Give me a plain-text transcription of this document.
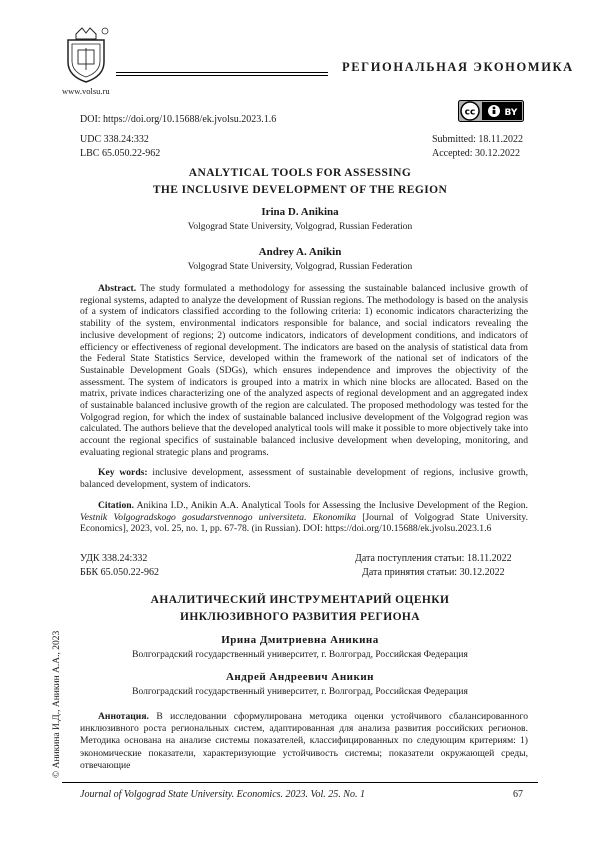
www.volsu.ru
РЕГИОНАЛЬНАЯ ЭКОНОМИКА
DOI: https://doi.org/10.15688/ek.jvolsu.2023.1.6
cc	BY
UDC 338.24:332
LBC 65.050.22-962
Submitted: 18.11.2022
Accepted: 30.12.2022
ANALYTICAL TOOLS FOR ASSESSING
THE INCLUSIVE DEVELOPMENT OF THE REGION
Irina D. Anikina
Volgograd State University, Volgograd, Russian Federation
Andrey A. Anikin
Volgograd State University, Volgograd, Russian Federation
Abstract. The study formulated a methodology for assessing the sustainable balanced inclusive growth of regional systems, adapted to analyze the development of Russian regions. The methodology is based on the analysis of a system of indicators classified according to the following criteria: 1) economic indicators characterizing the stability of the system, environmental indicators responsible for balance, and social indicators revealing the inclusive development of regions; 2) outcome indicators, indicators of development conditions, and indicators of efficiency or effectiveness of regional development. The indicators are based on the analysis of statistical data from the Federal State Statistics Service, developed within the framework of the national set of indicators of the Sustainable Development Goals (SDGs), which ensures independence and improves the objectivity of the assessment. The system of indicators is grouped into a matrix in which nine blocks are allocated. Based on the matrix, private indices characterizing one of the analyzed aspects of regional development and an aggregated index of sustainable balanced inclusive growth of the region are calculated. The proposed methodology was tested for the Volgograd region, for which the index of sustainable balanced inclusive development of the Volgograd region was calculated. The authors believe that the developed analytical tools will make it possible to more objectively take into account the regional specifics of sustainable balanced inclusive development when developing, monitoring, and evaluating regional strategic plans and programs.
Key words: inclusive development, assessment of sustainable development of regions, inclusive growth, balanced development, system of indicators.
Citation. Anikina I.D., Anikin A.A. Analytical Tools for Assessing the Inclusive Development of the Region. Vestnik Volgogradskogo gosudarstvennogo universiteta. Ekonomika [Journal of Volgograd State University. Economics], 2023, vol. 25, no. 1, pp. 67-78. (in Russian). DOI: https://doi.org/10.15688/ek.jvolsu.2023.1.6
УДК 338.24:332
ББК 65.050.22-962
Дата поступления статьи: 18.11.2022
Дата принятия статьи: 30.12.2022
АНАЛИТИЧЕСКИЙ ИНСТРУМЕНТАРИЙ ОЦЕНКИ
ИНКЛЮЗИВНОГО РАЗВИТИЯ РЕГИОНА
Ирина Дмитриевна Аникина
Волгоградский государственный университет, г. Волгоград, Российская Федерация
Андрей Андреевич Аникин
Волгоградский государственный университет, г. Волгоград, Российская Федерация
Аннотация. В исследовании сформулирована методика оценки устойчивого сбалансированного инклюзивного роста региональных систем, адаптированная для анализа развития российских регионов. Методика основана на анализе системы показателей, классифицированных по следующим критериям: 1) экономические показатели, характеризующие устойчивость системы; показатели окружающей среды, отвечающие
© Аникина И.Д., Аникин А.А., 2023
Journal of Volgograd State University. Economics. 2023. Vol. 25. No. 1	67
